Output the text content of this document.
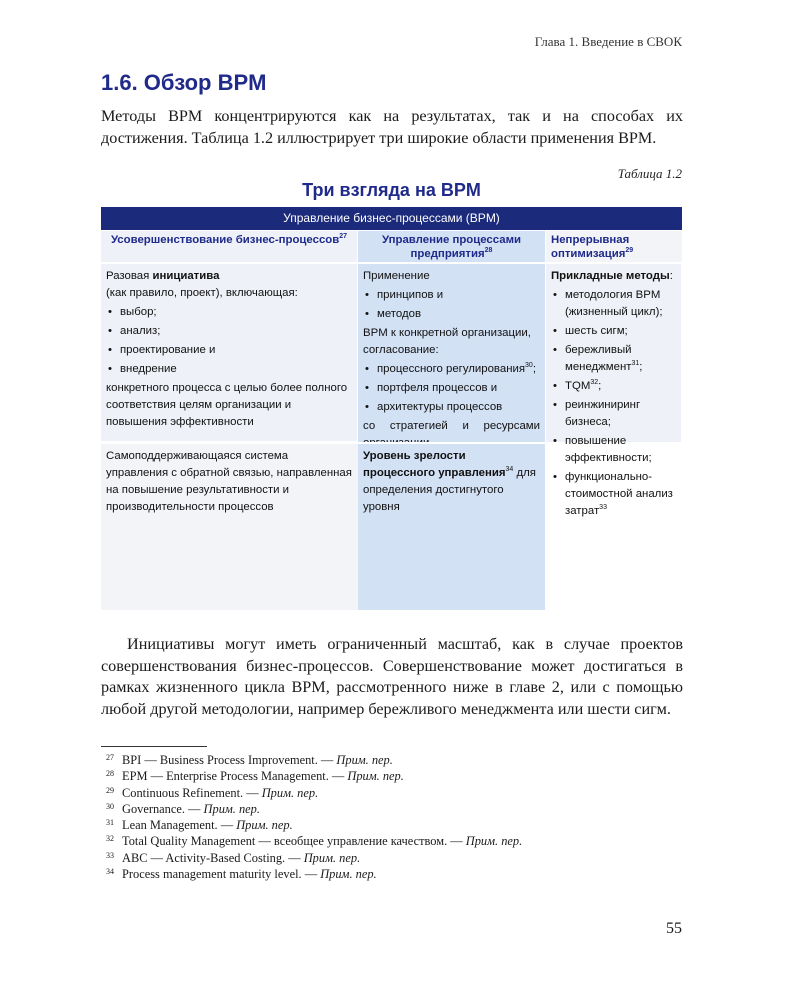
Глава 1. Введение в СВОК
1.6. Обзор BPM

Методы BPM концентрируются как на результатах, так и на способах их достижения. Таблица 1.2 иллюстрирует три широкие области применения BPM.

Таблица 1.2
Три взгляда на BPM
Управление бизнес-процессами (BPM)
Усовершенствование бизнес-процессов$^{27}$	Управление процессами предприятия$^{28}$
Непрерывная оптимизация$^{29}$

Разовая инициатива

(как правило, проект), включающая:

• выбор;
• анализ;
• проектирование и
• внедрение

конкретного процесса с целью более полного соответствия целям организации и повышения эффективности

Применение

• принципов и
• методов

BPM к конкретной организации, согласование:

• процессного регулирования$^{30}$;
• портфеля процессов и
• архитектуры процессов

со стратегией и ресурсами

Самоподдерживающаяся система управления с обратной связью, направленная на повышение результативности и производительности процессов

Прикладные методы:

• методология BPM (жизненный цикл);
• шесть сигм;
• бережливый менеджмент$^{31}$;
• TQM$^{32}$;
• реинжиниринг бизнеса;
• повышение эффективности;
• функционально-стоимостной анализ затрат$^{33}$

Уровень зрелости процессного управления$^{34}$ для определения достигнутого уровня

Инициативы могут иметь ограниченный масштаб, как в случае проектов совершенствования бизнес-процессов. Совершенствование может достигаться в рамках жизненного цикла BPM, рассмотренного ниже в главе 2, или с помощью любой другой методологии, например бережливого менеджмента или шести сигм.

27 BPI — Business Process Improvement. — Прим. пер.
28 EPM — Enterprise Process Management. — Прим. пер.
29 Continuous Refinement. — Прим. пер.
30 Governance. — Прим. пер.
31 Lean Management. — Прим. пер.
32 Total Quality Management — всеобщее управление качеством. — Прим. пер.
33 ABC — Activity-Based Costing. — Прим. пер.
34 Process management maturity level. — Прим. пер.
55
